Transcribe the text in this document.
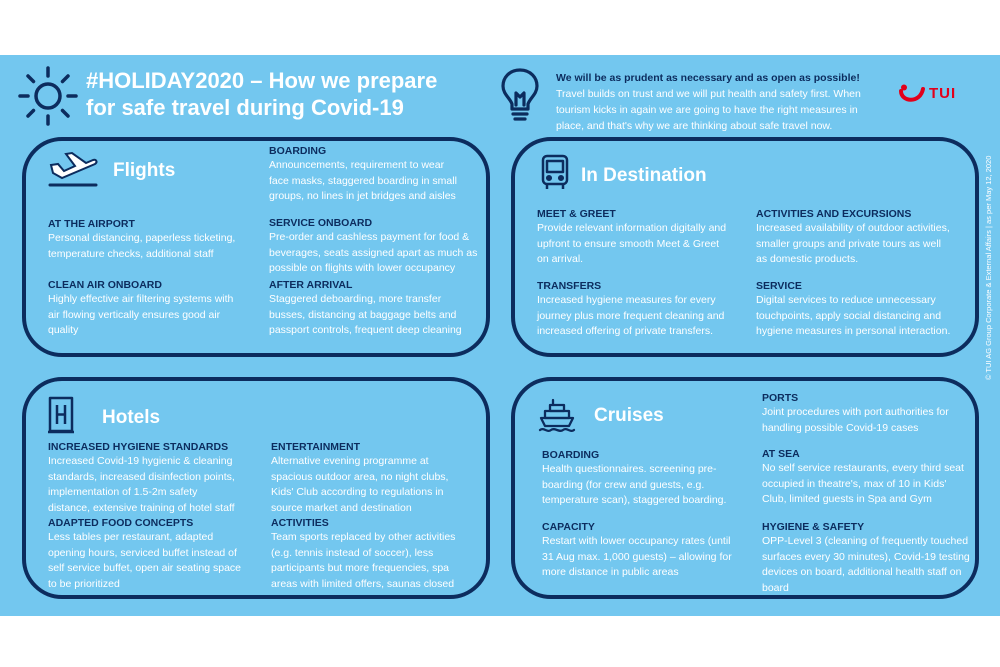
#HOLIDAY2020 – How we prepare
for safe travel during Covid-19
We will be as prudent as necessary and as open as possible!
Travel builds on trust and we will put health and safety first. When
tourism kicks in again we are going to have the right measures in
place, and that's why we are thinking about safe travel now.
TUI
© TUI AG Group Corporate & External Affairs | as per May 12, 2020
Flights
AT THE AIRPORT

Personal distancing, paperless ticketing,

temperature checks, additional staff

CLEAN AIR ONBOARD

Highly effective air filtering systems with

air flowing vertically ensures good air

quality

BOARDING

Announcements, requirement to wear

face masks, staggered boarding in small

groups, no lines in jet bridges and aisles

SERVICE ONBOARD

Pre-order and cashless payment for food &

beverages, seats assigned apart as much as

possible on flights with lower occupancy

AFTER ARRIVAL

Staggered deboarding, more transfer

busses, distancing at baggage belts and

passport controls, frequent deep cleaning

In Destination
MEET & GREET

Provide relevant information digitally and

upfront to ensure smooth Meet & Greet

on arrival.

TRANSFERS

Increased hygiene measures for every

journey plus more frequent cleaning and

increased offering of private transfers.

ACTIVITIES AND EXCURSIONS

Increased availability of outdoor activities,

smaller groups and private tours as well

as domestic products.

SERVICE

Digital services to reduce unnecessary

touchpoints, apply social distancing and

hygiene measures in personal interaction.

Hotels
INCREASED HYGIENE STANDARDS

Increased Covid-19 hygienic & cleaning

standards, increased disinfection points,

implementation of 1.5-2m safety

distance, extensive training of hotel staff

ADAPTED FOOD CONCEPTS

Less tables per restaurant, adapted

opening hours, serviced buffet instead of

self service buffet, open air seating space

to be prioritized

ENTERTAINMENT

Alternative evening programme at

spacious outdoor area, no night clubs,

Kids' Club according to regulations in

source market and destination

ACTIVITIES

Team sports replaced by other activities

(e.g. tennis instead of soccer), less

participants but more frequencies, spa

areas with limited offers, saunas closed

Cruises
BOARDING

Health questionnaires. screening pre-

boarding (for crew and guests, e.g.

temperature scan), staggered boarding.

CAPACITY

Restart with lower occupancy rates (until

31 Aug max. 1,000 guests) – allowing for

more distance in public areas

PORTS

Joint procedures with port authorities for

handling possible Covid-19 cases

AT SEA

No self service restaurants, every third seat

occupied in theatre's, max of 10 in Kids'

Club, limited guests in Spa and Gym

HYGIENE & SAFETY

OPP-Level 3 (cleaning of frequently touched

surfaces every 30 minutes), Covid-19 testing

devices on board, additional health staff on

board
